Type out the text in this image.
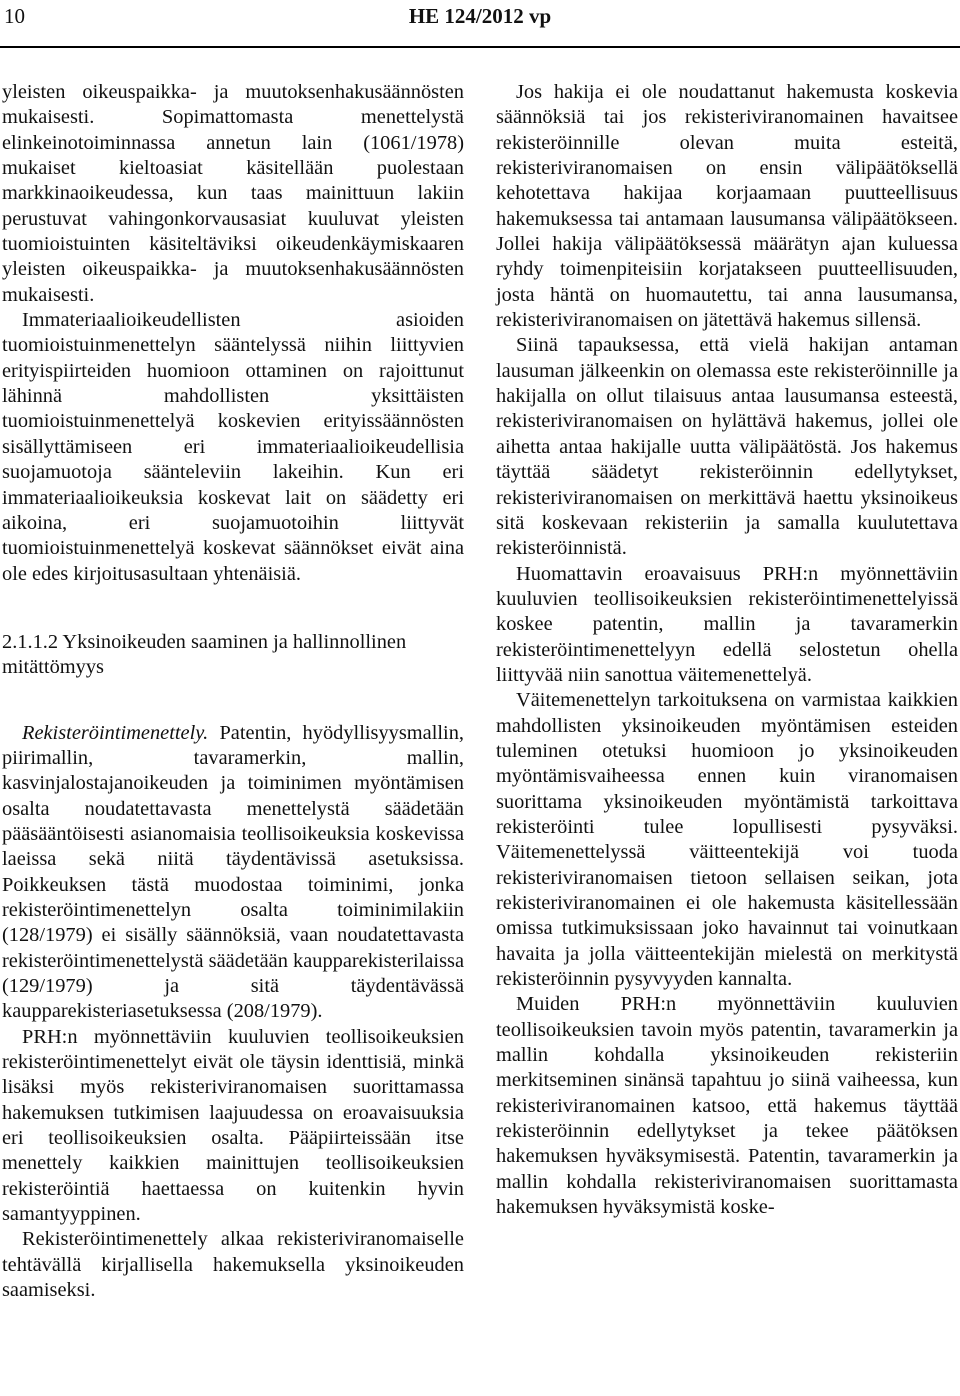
10	HE 124/2012 vp

yleisten oikeuspaikka- ja muutoksenhakusäännösten mukaisesti. Sopimattomasta menettelystä elinkeinotoiminnassa annetun lain (1061/1978) mukaiset kieltoasiat käsitellään puolestaan markkinaoikeudessa, kun taas mainittuun lakiin perustuvat vahingonkorvausasiat kuuluvat yleisten tuomioistuinten käsiteltäviksi oikeudenkäymiskaaren yleisten oikeuspaikka- ja muutoksenhakusäännösten mukaisesti.

Immateriaalioikeudellisten asioiden tuomioistuinmenettelyn sääntelyssä niihin liittyvien erityispiirteiden huomioon ottaminen on rajoittunut lähinnä mahdollisten yksittäisten tuomioistuinmenettelyä koskevien erityissäännösten sisällyttämiseen eri immateriaalioikeudellisia suojamuotoja säänteleviin lakeihin. Kun eri immateriaalioikeuksia koskevat lait on säädetty eri aikoina, eri suojamuotoihin liittyvät tuomioistuinmenettelyä koskevat säännökset eivät aina ole edes kirjoitusasultaan yhtenäisiä.

2.1.1.2 Yksinoikeuden saaminen ja hallinnollinen mitättömyys

Rekisteröintimenettely. Patentin, hyödyllisyysmallin, piirimallin, tavaramerkin, mallin, kasvinjalostajanoikeuden ja toiminimen myöntämisen osalta noudatettavasta menettelystä säädetään pääsääntöisesti asianomaisia teollisoikeuksia koskevissa laeissa sekä niitä täydentävissä asetuksissa. Poikkeuksen tästä muodostaa toiminimi, jonka rekisteröintimenettelyn osalta toiminimilakiin (128/1979) ei sisälly säännöksiä, vaan noudatettavasta rekisteröintimenettelystä säädetään kaupparekisterilaissa (129/1979) ja sitä täydentävässä kaupparekisteriasetuksessa (208/1979).

PRH:n myönnettäviin kuuluvien teollisoikeuksien rekisteröintimenettelyt eivät ole täysin identtisiä, minkä lisäksi myös rekisteriviranomaisen suorittamassa hakemuksen tutkimisen laajuudessa on eroavaisuuksia eri teollisoikeuksien osalta. Pääpiirteissään itse menettely kaikkien mainittujen teollisoikeuksien rekisteröintiä haettaessa on kuitenkin hyvin samantyyppinen.

Rekisteröintimenettely alkaa rekisteriviranomaiselle tehtävällä kirjallisella hakemuksella yksinoikeuden saamiseksi.

Jos hakija ei ole noudattanut hakemusta koskevia säännöksiä tai jos rekisteriviranomainen havaitsee rekisteröinnille olevan muita esteitä, rekisteriviranomaisen on ensin välipäätöksellä kehotettava hakijaa korjaamaan puutteellisuus hakemuksessa tai antamaan lausumansa välipäätökseen. Jollei hakija välipäätöksessä määrätyn ajan kuluessa ryhdy toimenpiteisiin korjatakseen puutteellisuuden, josta häntä on huomautettu, tai anna lausumansa, rekisteriviranomaisen on jätettävä hakemus sillensä.

Siinä tapauksessa, että vielä hakijan antaman lausuman jälkeenkin on olemassa este rekisteröinnille ja hakijalla on ollut tilaisuus antaa lausumansa esteestä, rekisteriviranomaisen on hylättävä hakemus, jollei ole aihetta antaa hakijalle uutta välipäätöstä. Jos hakemus täyttää säädetyt rekisteröinnin edellytykset, rekisteriviranomaisen on merkittävä haettu yksinoikeus sitä koskevaan rekisteriin ja samalla kuulutettava rekisteröinnistä.

Huomattavin eroavaisuus PRH:n myönnettäviin kuuluvien teollisoikeuksien rekisteröintimenettelyissä koskee patentin, mallin ja tavaramerkin rekisteröintimenettelyyn edellä selostetun ohella liittyvää niin sanottua väitemenettelyä.

Väitemenettelyn tarkoituksena on varmistaa kaikkien mahdollisten yksinoikeuden myöntämisen esteiden tuleminen otetuksi huomioon jo yksinoikeuden myöntämisvaiheessa ennen kuin viranomaisen suorittama yksinoikeuden myöntämistä tarkoittava rekisteröinti tulee lopullisesti pysyväksi. Väitemenettelyssä väitteentekijä voi tuoda rekisteriviranomaisen tietoon sellaisen seikan, jota rekisteriviranomainen ei ole hakemusta käsitellessään omissa tutkimuksissaan joko havainnut tai voinutkaan havaita ja jolla väitteentekijän mielestä on merkitystä rekisteröinnin pysyvyyden kannalta.

Muiden PRH:n myönnettäviin kuuluvien teollisoikeuksien tavoin myös patentin, tavaramerkin ja mallin kohdalla yksinoikeuden rekisteriin merkitseminen sinänsä tapahtuu jo siinä vaiheessa, kun rekisteriviranomainen katsoo, että hakemus täyttää rekisteröinnin edellytykset ja tekee päätöksen hakemuksen hyväksymisestä. Patentin, tavaramerkin ja mallin kohdalla rekisteriviranomaisen suorittamasta hakemuksen hyväksymistä koske-
